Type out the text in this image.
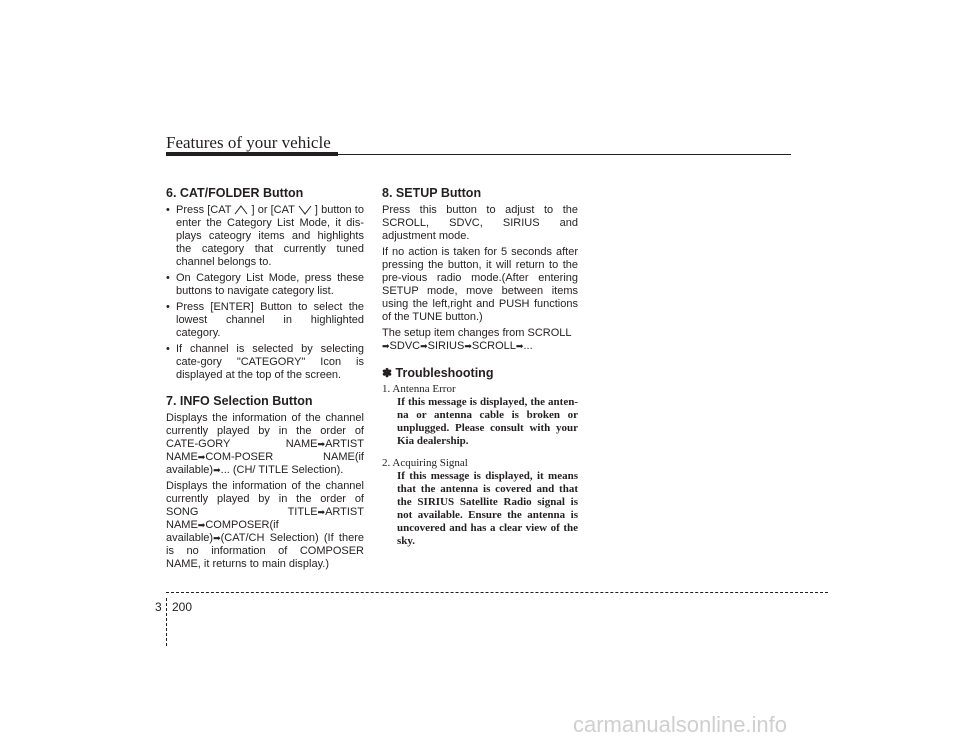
Features of your vehicle
6. CAT/FOLDER Button
• Press [CAT ] or [CAT ] button to enter the Category List Mode, it dis-plays cateogry items and highlights the category that currently tuned channel belongs to.
• On Category List Mode, press these buttons to navigate category list.
• Press [ENTER] Button to select the lowest channel in highlighted category.
• If channel is selected by selecting cate-gory "CATEGORY" Icon is displayed at the top of the screen.
7. INFO Selection Button

Displays the information of the channel currently played by in the order of CATE-GORY NAME➡ARTIST NAME➡COM-POSER NAME(if available)➡... (CH/ TITLE Selection).

Displays the information of the channel currently played by in the order of SONG TITLE➡ARTIST NAME➡COMPOSER(if available)➡(CAT/CH Selection) (If there is no information of COMPOSER NAME, it returns to main display.)

8. SETUP Button

Press this button to adjust to the SCROLL, SDVC, SIRIUS and adjustment mode.

If no action is taken for 5 seconds after pressing the button, it will return to the pre-vious radio mode.(After entering SETUP mode, move between items using the left,right and PUSH functions of the TUNE button.)

The setup item changes from SCROLL
➡SDVC➡SIRIUS➡SCROLL➡...

✽ Troubleshooting
1. Antenna Error
If this message is displayed, the anten-na or antenna cable is broken or unplugged. Please consult with your Kia dealership.
2. Acquiring Signal
If this message is displayed, it means that the antenna is covered and that the SIRIUS Satellite Radio signal is not available. Ensure the antenna is uncovered and has a clear view of the sky.
3 200
carmanualsonline.info
